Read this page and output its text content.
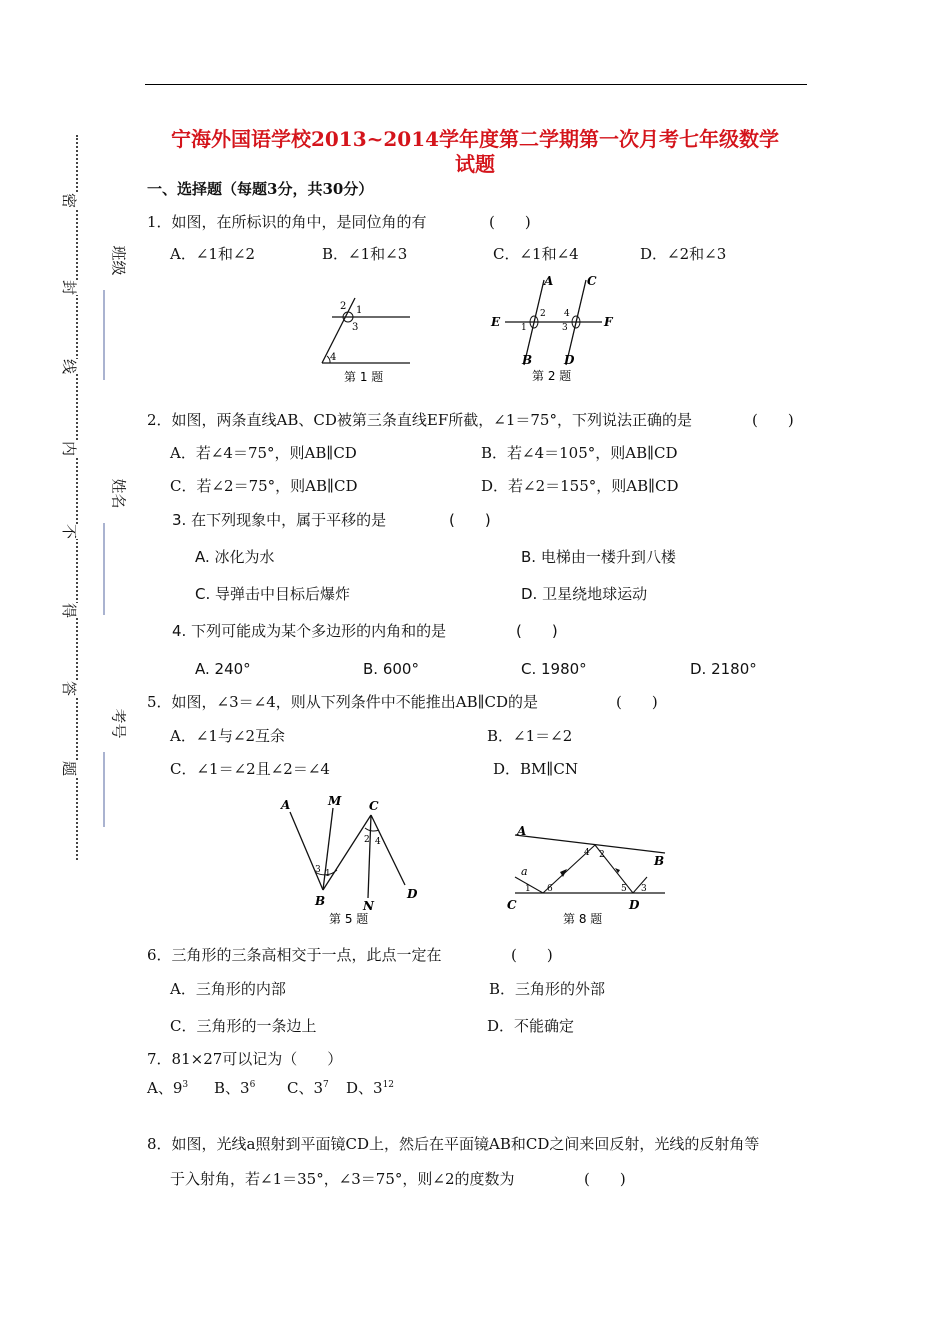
密
封
线
内
不
得
答
题
班级
姓名
考号
宁海外国语学校2013~2014学年度第二学期第一次月考七年级数学
试题
一、选择题（每题3分，共30分）
1．如图，在所标识的角中，是同位角的有	(　　)
A．∠1和∠2	B．∠1和∠3	C．∠1和∠4	D．∠2和∠3
2 1
3
4
第 1 题
A	C
E	F
B	D
1
2
3
4
第 2 题
2．如图，两条直线AB、CD被第三条直线EF所截，∠1＝75°，下列说法正确的是	(　　)
A．若∠4＝75°，则AB∥CD	B．若∠4＝105°，则AB∥CD
C．若∠2＝75°，则AB∥CD	D．若∠2＝155°，则AB∥CD
3. 在下列现象中，属于平移的是	(　　)
A. 冰化为水	B. 电梯由一楼升到八楼
C. 导弹击中目标后爆炸	D. 卫星绕地球运动
4. 下列可能成为某个多边形的内角和的是	(　　)
A. 240°	B. 600°	C. 1980°	D. 2180°
5．如图，∠3＝∠4，则从下列条件中不能推出AB∥CD的是	(　　)
A．∠1与∠2互余	B．∠1＝∠2
C．∠1＝∠2且∠2＝∠4	D．BM∥CN
A	M C
B	N
D
1
2
3
4
第 5 题
a
A
B
C	D
1 6
4 2
5 3
第 8 题
6．三角形的三条高相交于一点，此点一定在	(　　)
A．三角形的内部	B．三角形的外部
C．三角形的一条边上	D．不能确定
7．81×27可以记为（　　）
A、$9^3$ B、$3^6$ C、$3^7$ D、$3^{12}$
8．如图，光线a照射到平面镜CD上，然后在平面镜AB和CD之间来回反射，光线的反射角等
于入射角，若∠1＝35°，∠3＝75°，则∠2的度数为	(　　)
